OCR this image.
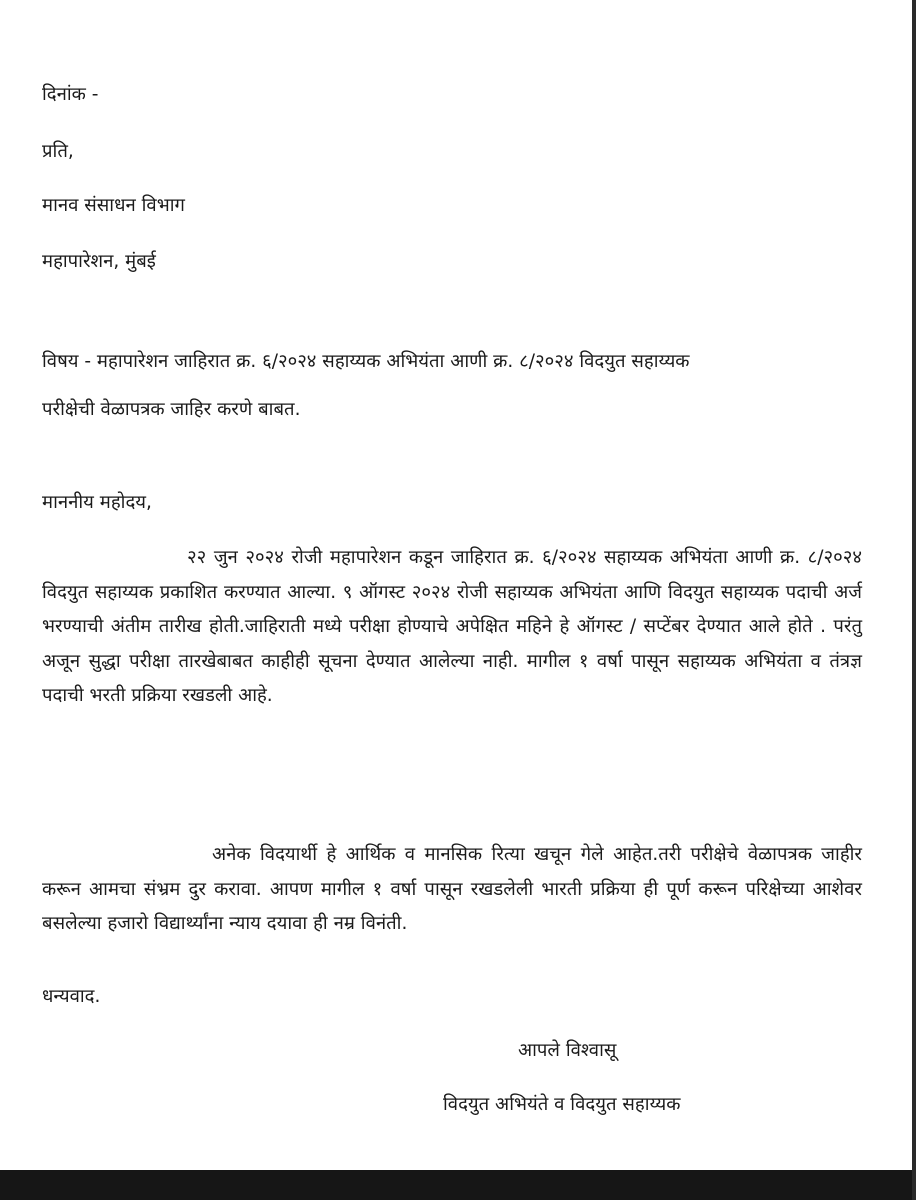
दिनांक -

प्रति,

मानव संसाधन विभाग

महापारेशन, मुंबई

विषय - महापारेशन जाहिरात क्र. ६/२०२४ सहाय्यक अभियंता आणी क्र. ८/२०२४ विदयुत सहाय्यक

परीक्षेची वेळापत्रक जाहिर करणे बाबत.

माननीय महोदय,

२२ जुन २०२४ रोजी महापारेशन कडून जाहिरात क्र. ६/२०२४ सहाय्यक अभियंता आणी क्र. ८/२०२४ विदयुत सहाय्यक प्रकाशित करण्यात आल्या. ९ ऑगस्ट २०२४ रोजी सहाय्यक अभियंता आणि विदयुत सहाय्यक पदाची अर्ज भरण्याची अंतीम तारीख होती.जाहिराती मध्ये परीक्षा होण्याचे अपेक्षित महिने हे ऑगस्ट / सप्टेंबर देण्यात आले होते . परंतु अजून सुद्धा परीक्षा तारखेबाबत काहीही सूचना देण्यात आलेल्या नाही. मागील १ वर्षा पासून सहाय्यक अभियंता व तंत्रज्ञ पदाची भरती प्रक्रिया रखडली आहे.

अनेक विदयार्थी हे आर्थिक व मानसिक रित्या खचून गेले आहेत.तरी परीक्षेचे वेळापत्रक जाहीर करून आमचा संभ्रम दुर करावा. आपण मागील १ वर्षा पासून रखडलेली भारती प्रक्रिया ही पूर्ण करून परिक्षेच्या आशेवर बसलेल्या हजारो विद्यार्थ्यांना न्याय दयावा ही नम्र विनंती.

धन्यवाद.

आपले विश्वासू

विदयुत अभियंते व विदयुत सहाय्यक
